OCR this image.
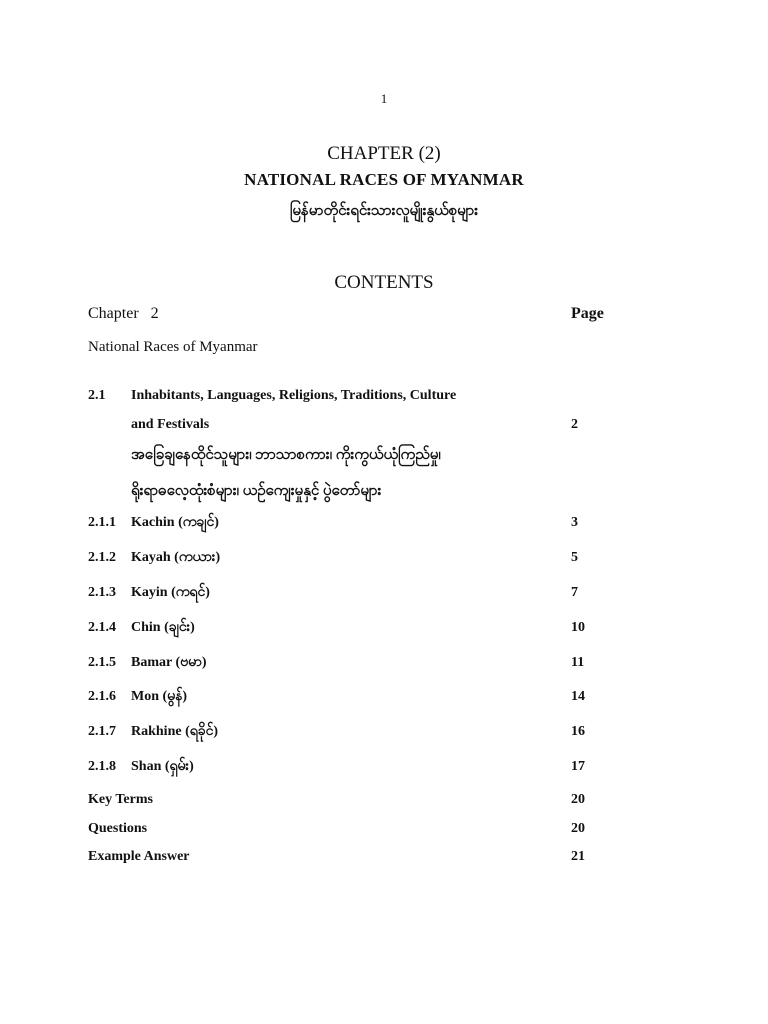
1
CHAPTER (2)
NATIONAL RACES OF MYANMAR
မြန်မာတိုင်းရင်းသားလူမျိုးနွယ်စုများ
CONTENTS
Chapter   2	Page
National Races of Myanmar
2.1 Inhabitants, Languages, Religions, Traditions, Culture
and Festivals	2
အခြေချနေထိုင်သူများ၊ ဘာသာစကား၊ ကိုးကွယ်ယုံကြည်မှု၊
ရိုးရာဓလေ့ထုံးစံများ၊ ယဥ်ကျေးမှုနှင့် ပွဲတော်များ
2.1.1 Kachin (ကချင်)	3
2.1.2 Kayah (ကယား)	5
2.1.3 Kayin (ကရင်)	7
2.1.4 Chin (ချင်း)	10
2.1.5 Bamar (ဗမာ)	11
2.1.6 Mon (မွန်)	14
2.1.7 Rakhine (ရခိုင်)	16
2.1.8 Shan (ရှမ်း)	17
Key Terms	20
Questions	20
Example Answer	21
